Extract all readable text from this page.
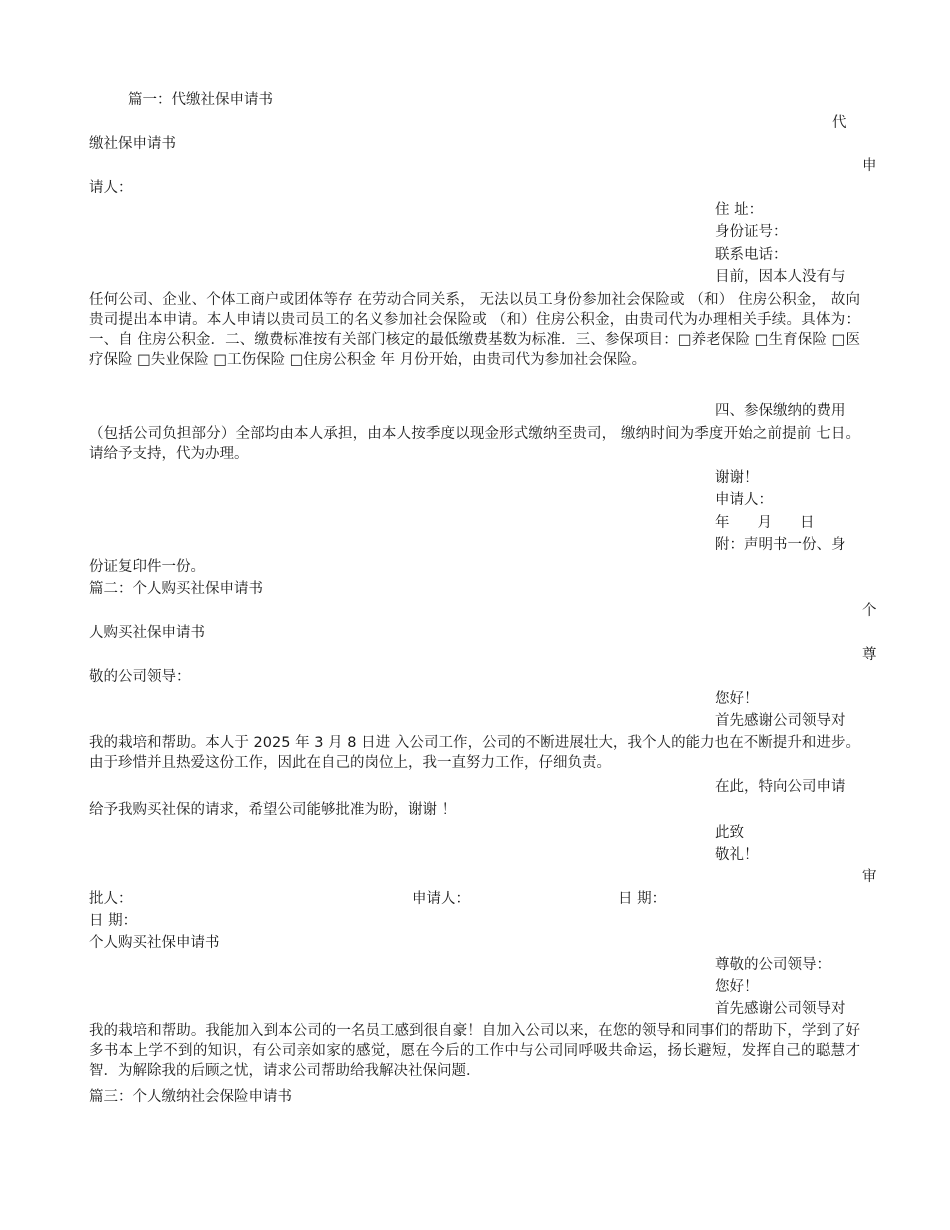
篇一：代缴社保申请书
代
缴社保申请书
申
请人：
住 址：
身份证号：
联系电话：
目前，因本人没有与
任何公司、企业、个体工商户或团体等存 在劳动合同关系， 无法以员工身份参加社会保险或 （和） 住房公积金， 故向贵司提出本申请。本人申请以贵司员工的名义参加社会保险或 （和）住房公积金，由贵司代为办理相关手续。具体为： 一、自 住房公积金．二、缴费标准按有关部门核定的最低缴费基数为标准．三、参保项目：□养老保险 □生育保险 □医疗保险 □失业保险 □工伤保险 □住房公积金 年 月份开始，由贵司代为参加社会保险。
四、参保缴纳的费用
（包括公司负担部分）全部均由本人承担，由本人按季度以现金形式缴纳至贵司， 缴纳时间为季度开始之前提前 七日。 请给予支持，代为办理。
谢谢！
申请人：
年 月 日
附：声明书一份、身
份证复印件一份。
篇二：个人购买社保申请书
个
人购买社保申请书
尊
敬的公司领导：
您好！
首先感谢公司领导对
我的栽培和帮助。本人于 2025 年 3 月 8 日进 入公司工作，公司的不断进展壮大，我个人的能力也在不断提升和进步。由于珍惜并且热爱这份工作，因此在自己的岗位上，我一直努力工作，仔细负责。
在此，特向公司申请
给予我购买社保的请求，希望公司能够批准为盼，谢谢 ！
此致
敬礼！
审
批人：	申请人：	日 期：
日 期：
个人购买社保申请书
尊敬的公司领导：
您好！
首先感谢公司领导对
我的栽培和帮助。我能加入到本公司的一名员工感到很自豪！自加入公司以来，在您的领导和同事们的帮助下，学到了好多书本上学不到的知识，有公司亲如家的感觉，愿在今后的工作中与公司同呼吸共命运，扬长避短，发挥自己的聪慧才智．为解除我的后顾之忧，请求公司帮助给我解决社保问题．
篇三：个人缴纳社会保险申请书
